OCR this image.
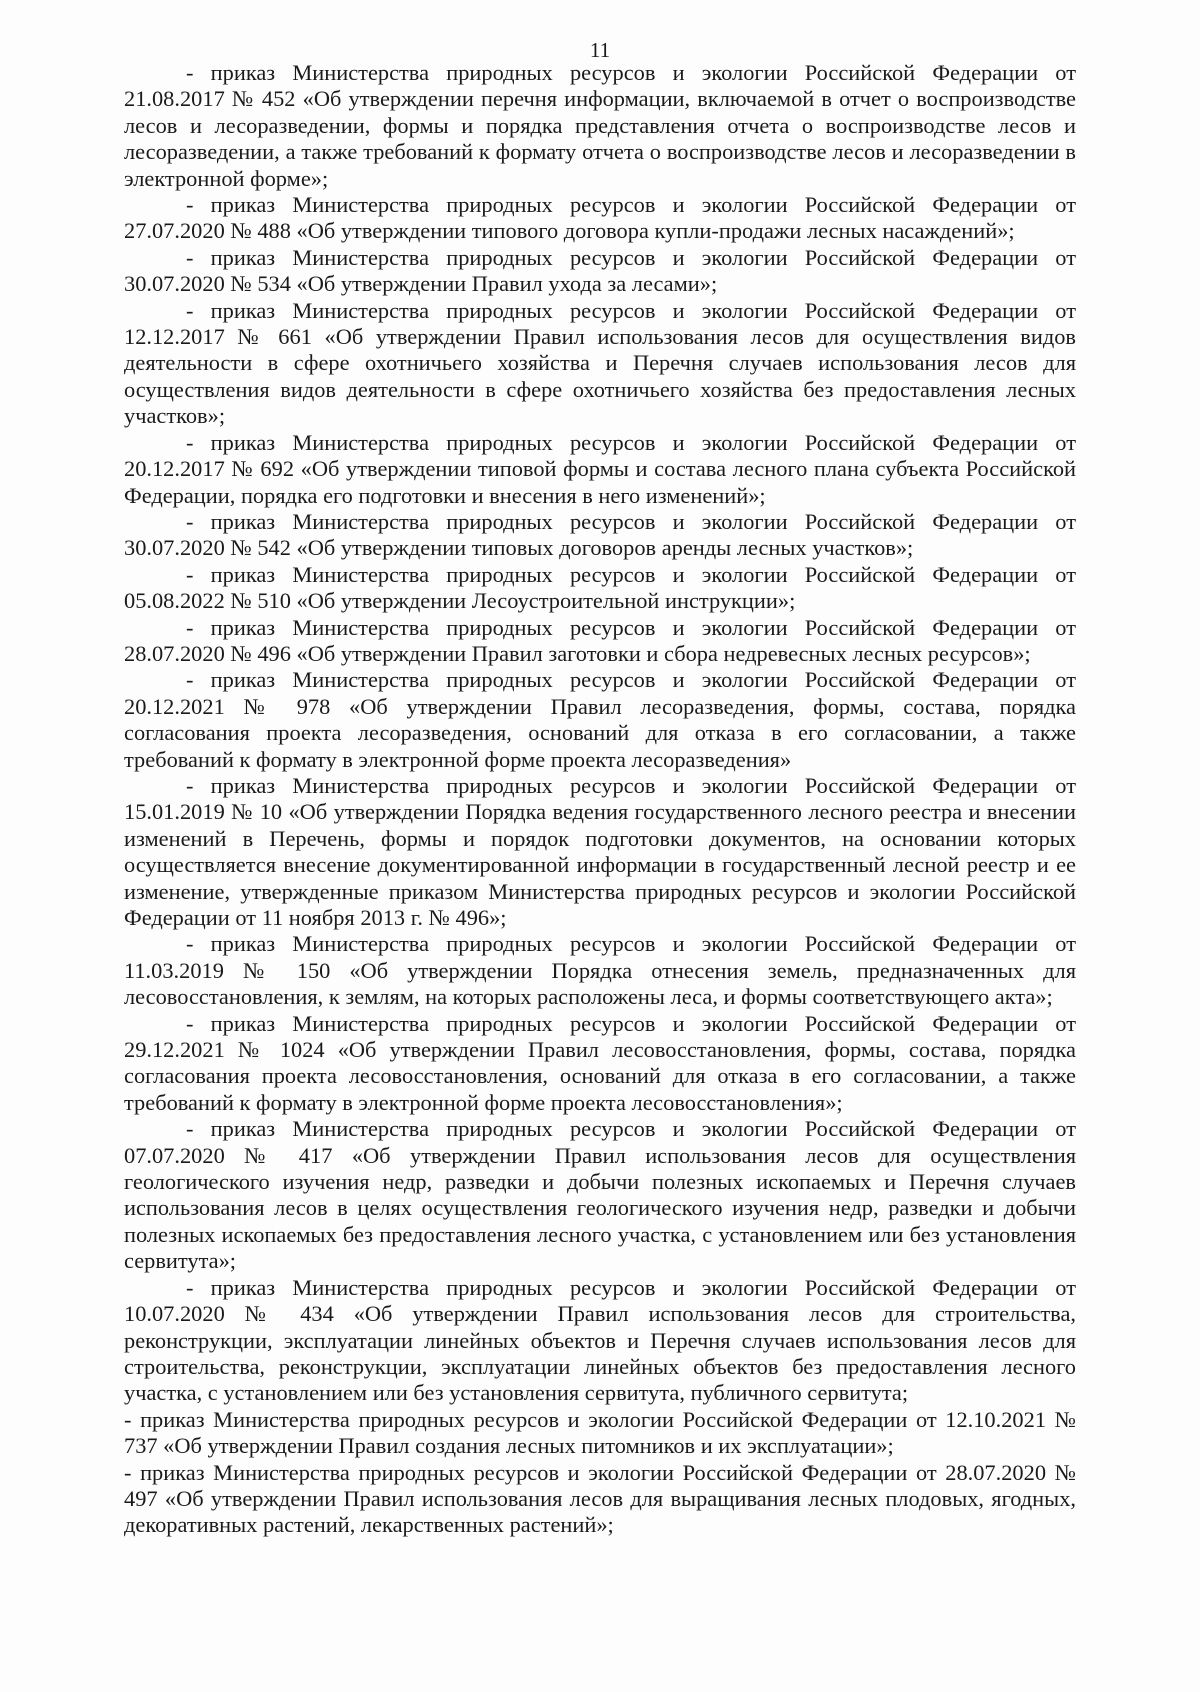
11

- приказ Министерства природных ресурсов и экологии Российской Федерации от 21.08.2017 № 452 «Об утверждении перечня информации, включаемой в отчет о воспроизводстве лесов и лесоразведении, формы и порядка представления отчета о воспроизводстве лесов и лесоразведении, а также требований к формату отчета о воспроизводстве лесов и лесоразведении в электронной форме»;

- приказ Министерства природных ресурсов и экологии Российской Федерации от 27.07.2020 № 488 «Об утверждении типового договора купли-продажи лесных насаждений»;

- приказ Министерства природных ресурсов и экологии Российской Федерации от 30.07.2020 № 534 «Об утверждении Правил ухода за лесами»;

- приказ Министерства природных ресурсов и экологии Российской Федерации от 12.12.2017 № 661 «Об утверждении Правил использования лесов для осуществления видов деятельности в сфере охотничьего хозяйства и Перечня случаев использования лесов для осуществления видов деятельности в сфере охотничьего хозяйства без предоставления лесных участков»;

- приказ Министерства природных ресурсов и экологии Российской Федерации от 20.12.2017 № 692 «Об утверждении типовой формы и состава лесного плана субъекта Российской Федерации, порядка его подготовки и внесения в него изменений»;

- приказ Министерства природных ресурсов и экологии Российской Федерации от 30.07.2020 № 542 «Об утверждении типовых договоров аренды лесных участков»;

- приказ Министерства природных ресурсов и экологии Российской Федерации от 05.08.2022 № 510 «Об утверждении Лесоустроительной инструкции»;

- приказ Министерства природных ресурсов и экологии Российской Федерации от 28.07.2020 № 496 «Об утверждении Правил заготовки и сбора недревесных лесных ресурсов»;

- приказ Министерства природных ресурсов и экологии Российской Федерации от 20.12.2021 № 978 «Об утверждении Правил лесоразведения, формы, состава, порядка согласования проекта лесоразведения, оснований для отказа в его согласовании, а также требований к формату в электронной форме проекта лесоразведения»

- приказ Министерства природных ресурсов и экологии Российской Федерации от 15.01.2019 № 10 «Об утверждении Порядка ведения государственного лесного реестра и внесении изменений в Перечень, формы и порядок подготовки документов, на основании которых осуществляется внесение документированной информации в государственный лесной реестр и ее изменение, утвержденные приказом Министерства природных ресурсов и экологии Российской Федерации от 11 ноября 2013 г. № 496»;

- приказ Министерства природных ресурсов и экологии Российской Федерации от 11.03.2019 № 150 «Об утверждении Порядка отнесения земель, предназначенных для лесовосстановления, к землям, на которых расположены леса, и формы соответствующего акта»;

- приказ Министерства природных ресурсов и экологии Российской Федерации от 29.12.2021 № 1024 «Об утверждении Правил лесовосстановления, формы, состава, порядка согласования проекта лесовосстановления, оснований для отказа в его согласовании, а также требований к формату в электронной форме проекта лесовосстановления»;

- приказ Министерства природных ресурсов и экологии Российской Федерации от 07.07.2020 № 417 «Об утверждении Правил использования лесов для осуществления геологического изучения недр, разведки и добычи полезных ископаемых и Перечня случаев использования лесов в целях осуществления геологического изучения недр, разведки и добычи полезных ископаемых без предоставления лесного участка, с установлением или без установления сервитута»;

- приказ Министерства природных ресурсов и экологии Российской Федерации от 10.07.2020 № 434 «Об утверждении Правил использования лесов для строительства, реконструкции, эксплуатации линейных объектов и Перечня случаев использования лесов для строительства, реконструкции, эксплуатации линейных объектов без предоставления лесного участка, с установлением или без установления сервитута, публичного сервитута;

- приказ Министерства природных ресурсов и экологии Российской Федерации от 12.10.2021 № 737 «Об утверждении Правил создания лесных питомников и их эксплуатации»;

- приказ Министерства природных ресурсов и экологии Российской Федерации от 28.07.2020 № 497 «Об утверждении Правил использования лесов для выращивания лесных плодовых, ягодных, декоративных растений, лекарственных растений»;
